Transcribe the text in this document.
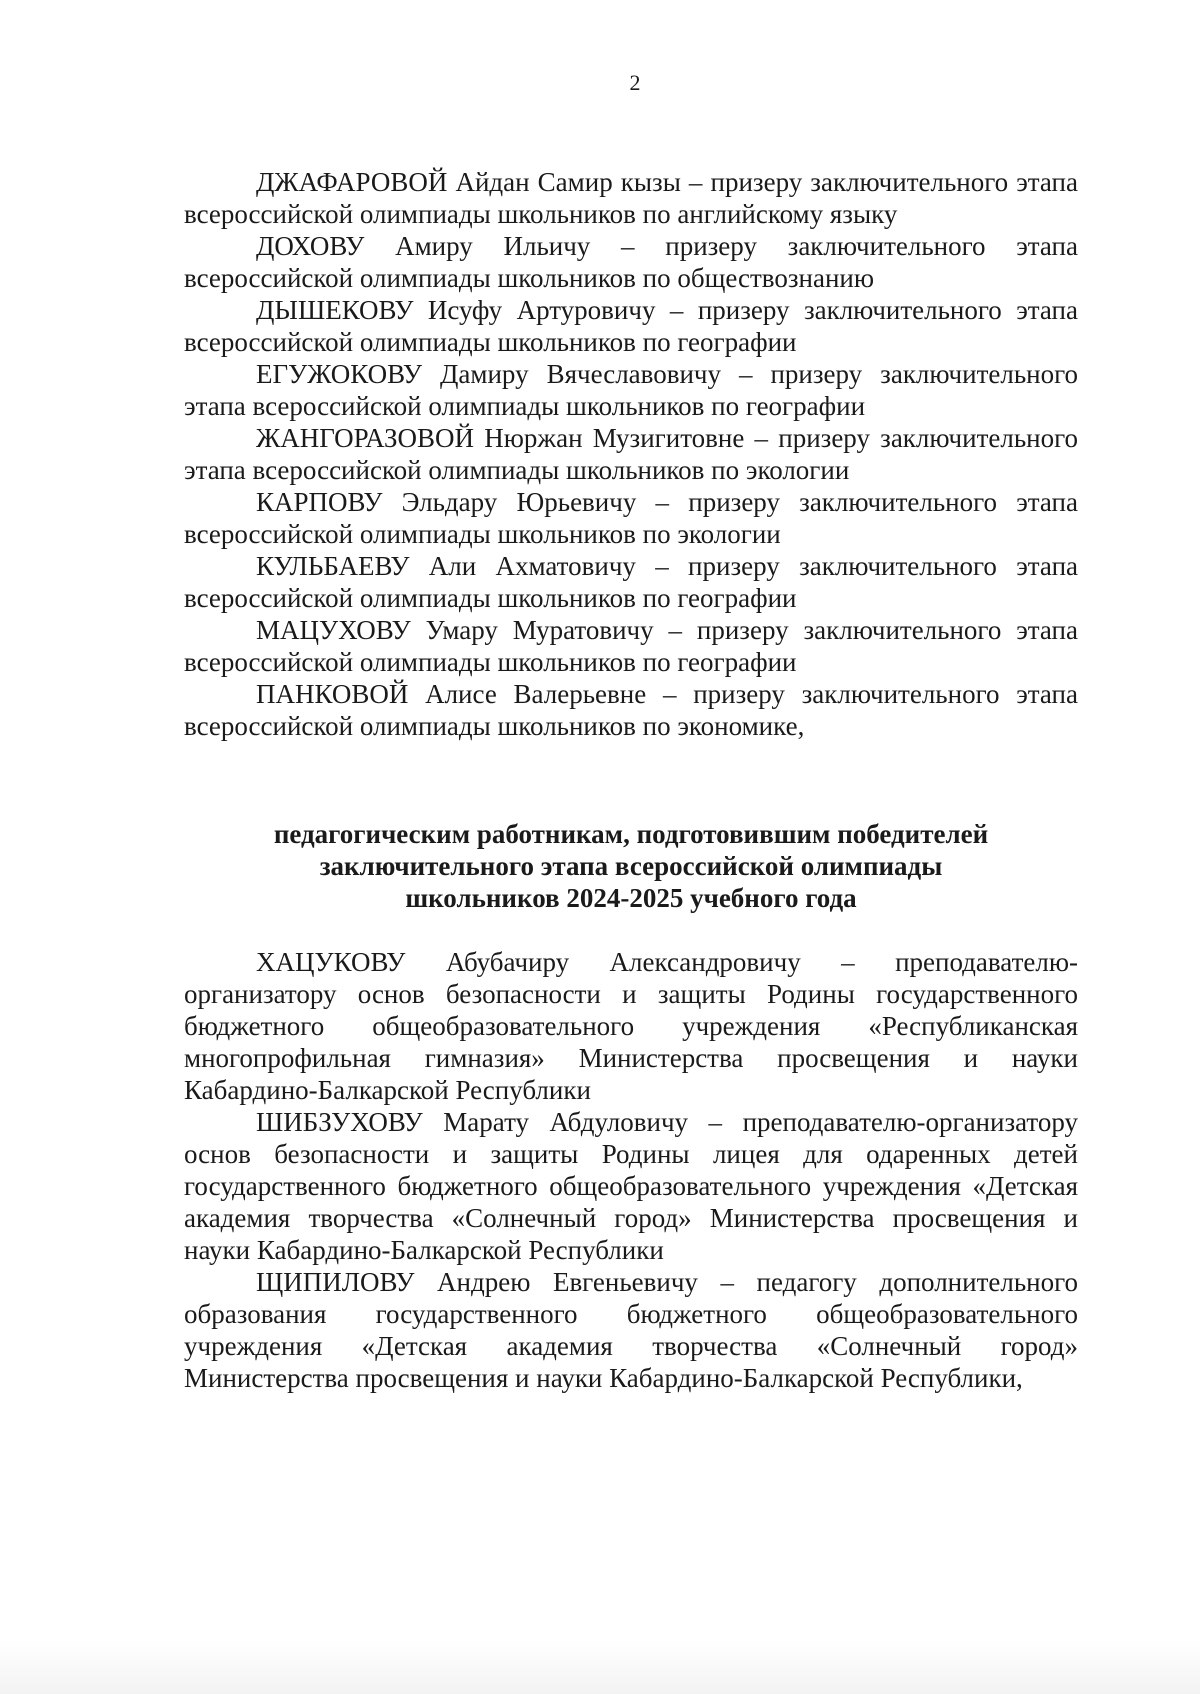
2

ДЖАФАРОВОЙ Айдан Самир кызы – призеру заключительного этапа всероссийской олимпиады школьников по английскому языку

ДОХОВУ Амиру Ильичу – призеру заключительного этапа всероссийской олимпиады школьников по обществознанию

ДЫШЕКОВУ Исуфу Артуровичу – призеру заключительного этапа всероссийской олимпиады школьников по географии

ЕГУЖОКОВУ Дамиру Вячеславовичу – призеру заключительного этапа всероссийской олимпиады школьников по географии

ЖАНГОРАЗОВОЙ Нюржан Музигитовне – призеру заключительного этапа всероссийской олимпиады школьников по экологии

КАРПОВУ Эльдару Юрьевичу – призеру заключительного этапа всероссийской олимпиады школьников по экологии

КУЛЬБАЕВУ Али Ахматовичу – призеру заключительного этапа всероссийской олимпиады школьников по географии

МАЦУХОВУ Умару Муратовичу – призеру заключительного этапа всероссийской олимпиады школьников по географии

ПАНКОВОЙ Алисе Валерьевне – призеру заключительного этапа всероссийской олимпиады школьников по экономике,

педагогическим работникам, подготовившим победителей
заключительного этапа всероссийской олимпиады
школьников 2024-2025 учебного года

ХАЦУКОВУ Абубачиру Александровичу – преподавателю-организатору основ безопасности и защиты Родины государственного бюджетного общеобразовательного учреждения «Республиканская многопрофильная гимназия» Министерства просвещения и науки Кабардино-Балкарской Республики

ШИБЗУХОВУ Марату Абдуловичу – преподавателю-организатору основ безопасности и защиты Родины лицея для одаренных детей государственного бюджетного общеобразовательного учреждения «Детская академия творчества «Солнечный город» Министерства просвещения и науки Кабардино-Балкарской Республики

ЩИПИЛОВУ Андрею Евгеньевичу – педагогу дополнительного образования государственного бюджетного общеобразовательного учреждения «Детская академия творчества «Солнечный город» Министерства просвещения и науки Кабардино-Балкарской Республики,
